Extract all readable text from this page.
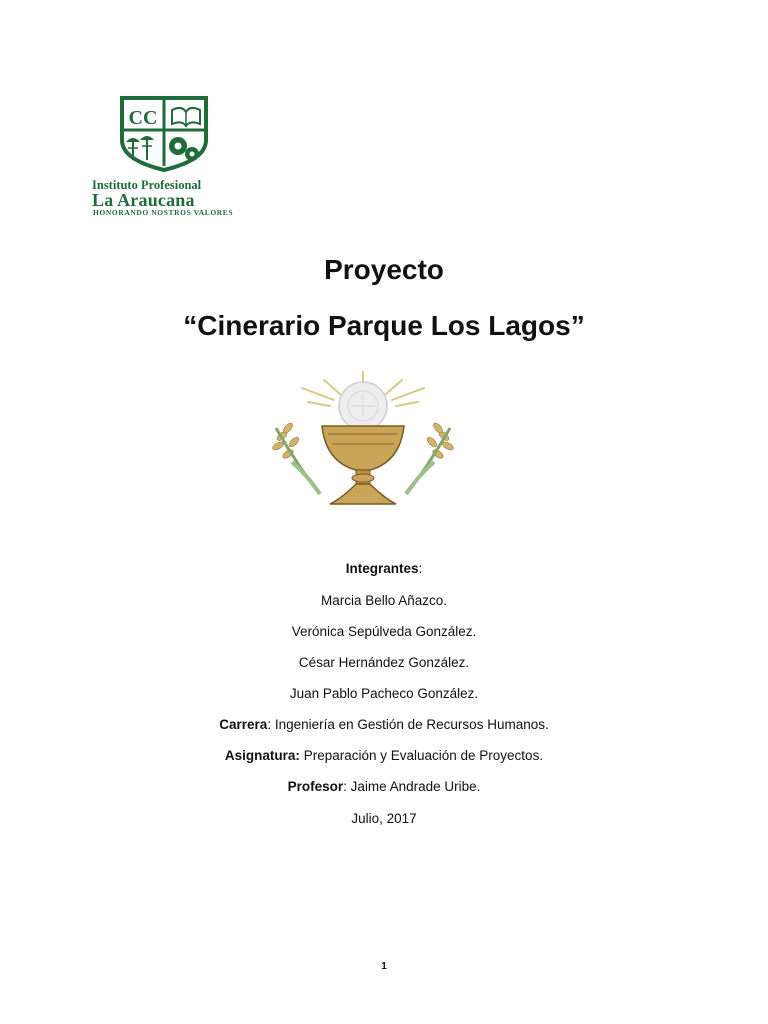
CC
Instituto Profesional
La Araucana
HONORANDO NOSTROS VALORES
Proyecto
“Cinerario Parque Los Lagos”
Integrantes:
Marcia Bello Añazco.
Verónica Sepúlveda González.
César Hernández González.
Juan Pablo Pacheco González.
Carrera: Ingeniería en Gestión de Recursos Humanos.
Asignatura: Preparación y Evaluación de Proyectos.
Profesor: Jaime Andrade Uribe.
Julio, 2017
1
